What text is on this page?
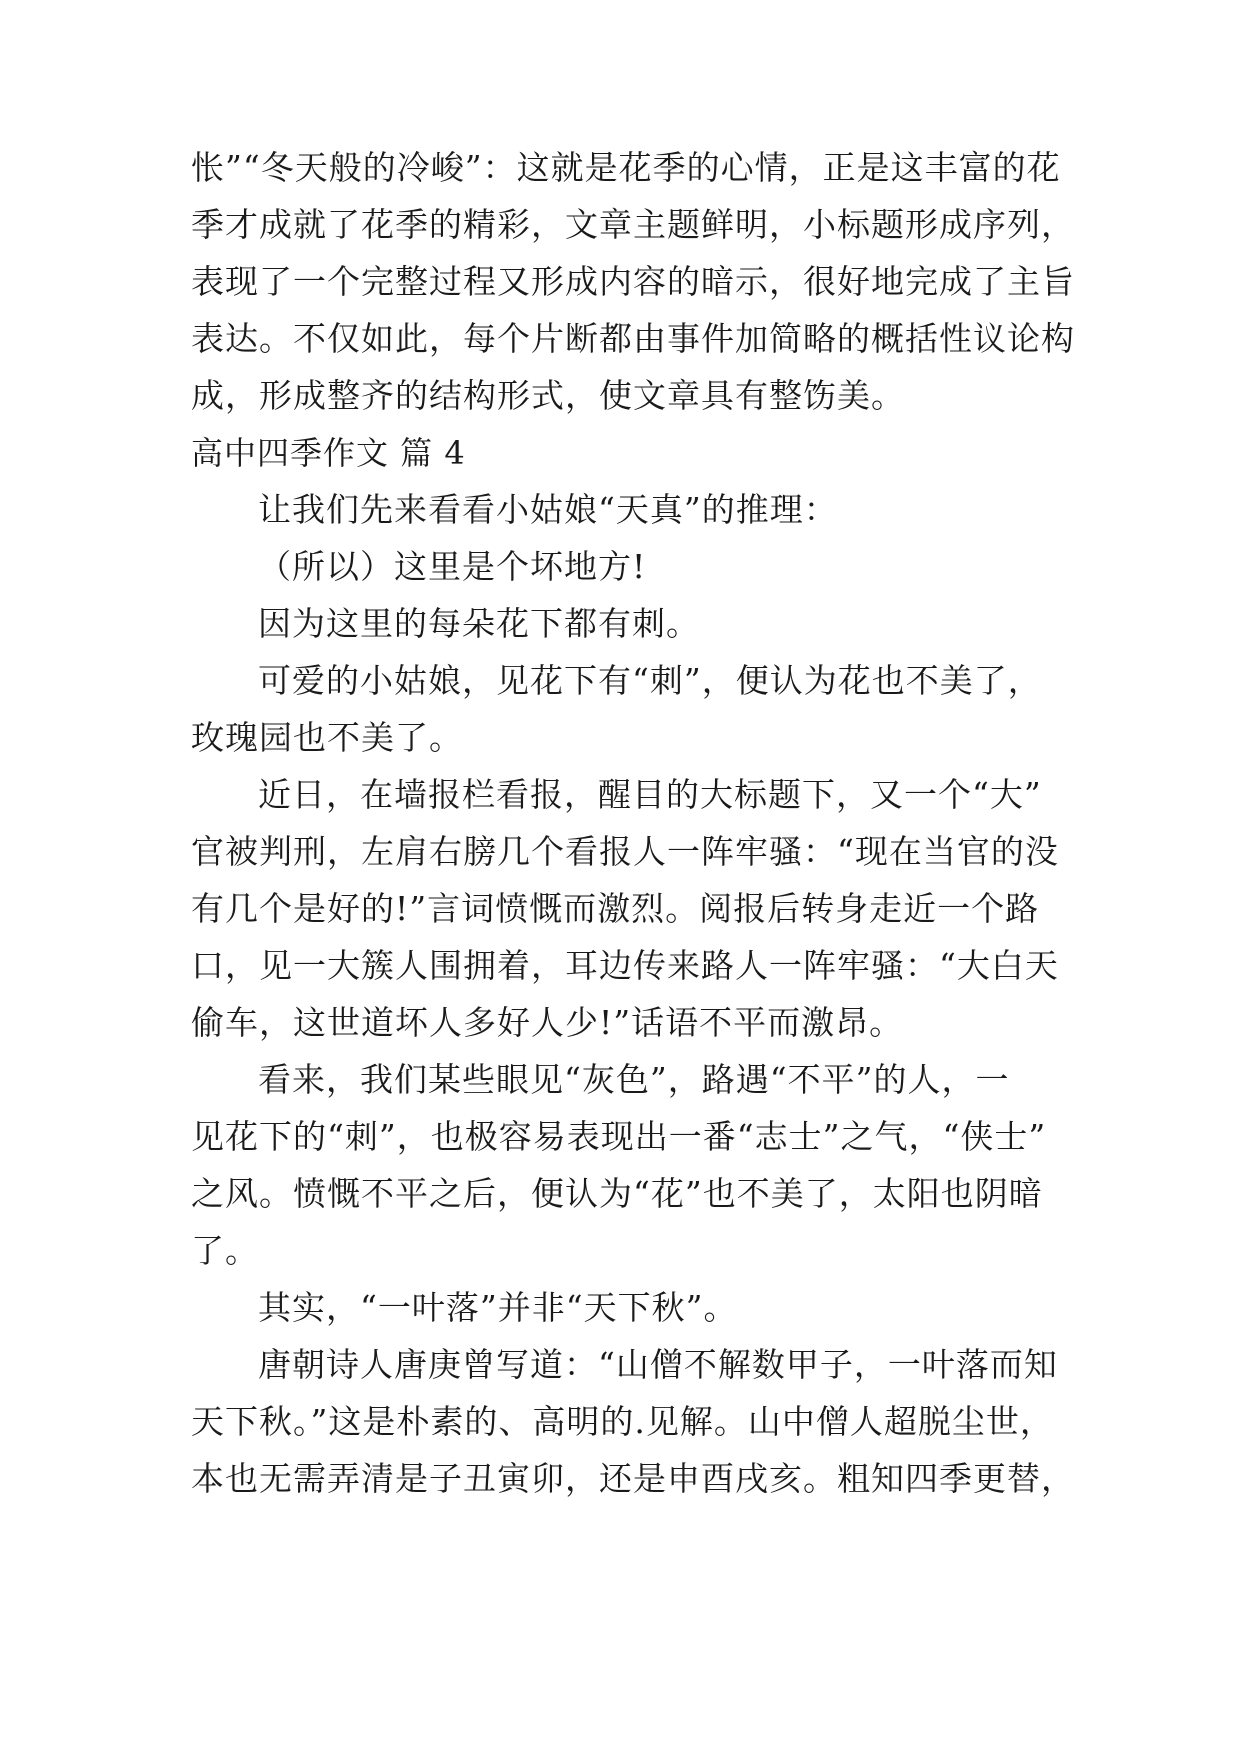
怅”“冬天般的冷峻”：这就是花季的心情，正是这丰富的花
季才成就了花季的精彩，文章主题鲜明，小标题形成序列，
表现了一个完整过程又形成内容的暗示，很好地完成了主旨
表达。不仅如此，每个片断都由事件加简略的概括性议论构
成，形成整齐的结构形式，使文章具有整饬美。
高中四季作文 篇 4
让我们先来看看小姑娘“天真”的推理：
（所以）这里是个坏地方!
因为这里的每朵花下都有刺。
可爱的小姑娘，见花下有“刺”，便认为花也不美了，
玫瑰园也不美了。
近日，在墙报栏看报，醒目的大标题下，又一个“大”
官被判刑，左肩右膀几个看报人一阵牢骚：“现在当官的没
有几个是好的!”言词愤慨而激烈。阅报后转身走近一个路
口，见一大簇人围拥着，耳边传来路人一阵牢骚：“大白天
偷车，这世道坏人多好人少!”话语不平而激昂。
看来，我们某些眼见“灰色”，路遇“不平”的人，一
见花下的“刺”，也极容易表现出一番“志士”之气，“侠士”
之风。愤慨不平之后，便认为“花”也不美了，太阳也阴暗
了。
其实，“一叶落”并非“天下秋”。
唐朝诗人唐庚曾写道：“山僧不解数甲子，一叶落而知
天下秋。”这是朴素的、高明的.见解。山中僧人超脱尘世，
本也无需弄清是子丑寅卯，还是申酉戌亥。粗知四季更替，
